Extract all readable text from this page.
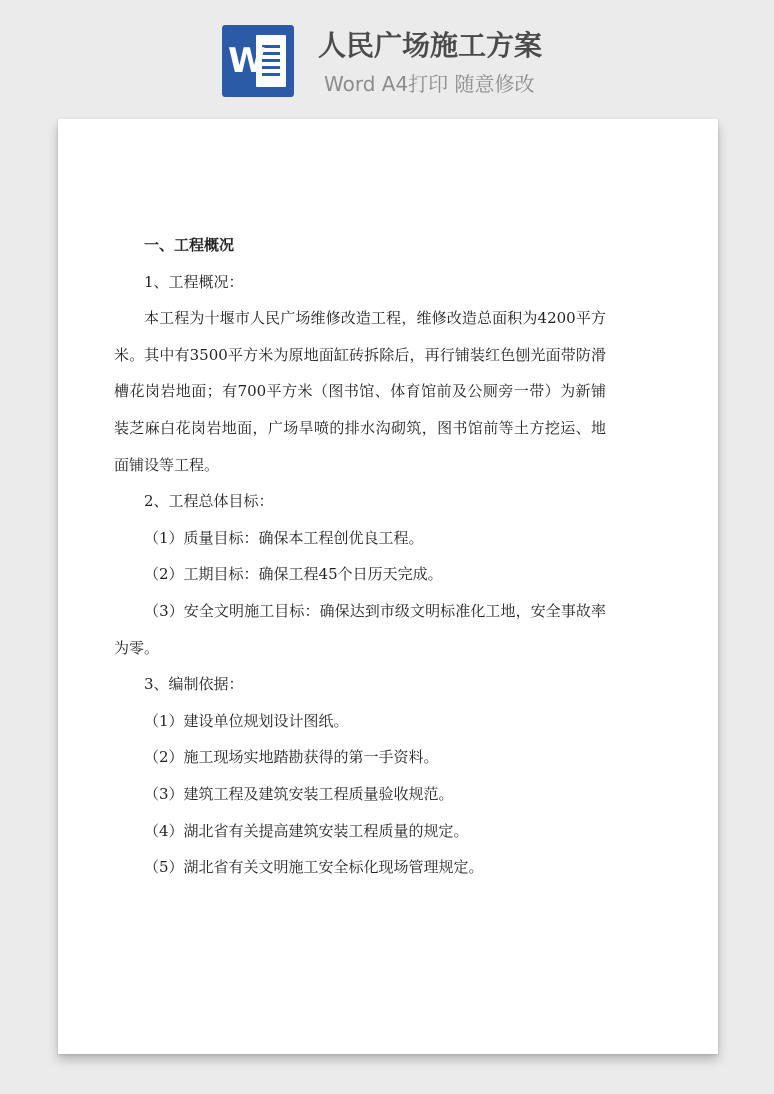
W 人民广场施工方案
Word A4打印 随意修改

一、工程概况

1、工程概况：

本工程为十堰市人民广场维修改造工程，维修改造总面积为4200平方米。其中有3500平方米为原地面缸砖拆除后，再行铺装红色刨光面带防滑槽花岗岩地面；有700平方米（图书馆、体育馆前及公厕旁一带）为新铺装芝麻白花岗岩地面，广场旱喷的排水沟砌筑，图书馆前等土方挖运、地面铺设等工程。

2、工程总体目标：

（1）质量目标：确保本工程创优良工程。

（2）工期目标：确保工程45个日历天完成。

（3）安全文明施工目标：确保达到市级文明标准化工地，安全事故率为零。

3、编制依据：

（1）建设单位规划设计图纸。

（2）施工现场实地踏勘获得的第一手资料。

（3）建筑工程及建筑安装工程质量验收规范。

（4）湖北省有关提高建筑安装工程质量的规定。

（5）湖北省有关文明施工安全标化现场管理规定。
